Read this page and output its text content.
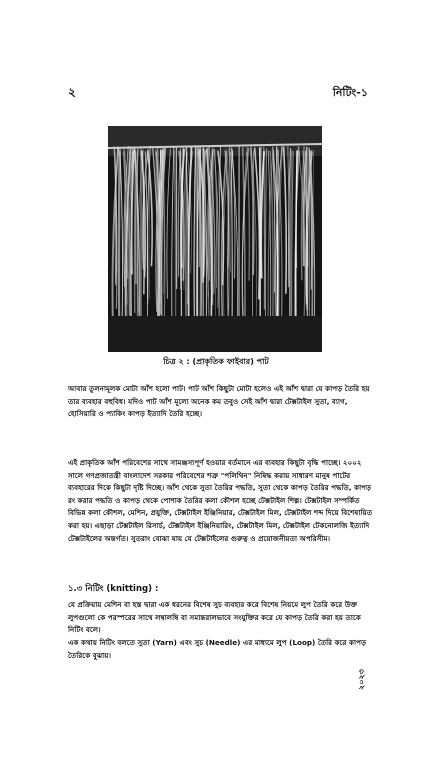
২	নিটিং-১
চিত্র ২ : (প্রাকৃতিক ফাইবার) পাট

আবার তুলনামূলক মোটা আঁশ হলো পাট। পাট আঁশ কিছুটা মোটা হলেও এই আঁশ দ্বারা যে কাপড় তৈরি হয় তার ব্যবহার বহুবিধ। যদিও পাট আঁশ মূল্যে অনেক কম তবুও সেই আঁশ দ্বারা টেক্সটাইল সুতা, ব্যাগ, হোসিয়ারি ও প্যাকিং কাপড় ইত্যাদি তৈরি হচ্ছে।

এই প্রাকৃতিক আঁশ পরিবেশের সাথে সামঞ্জস্যপূর্ণ হওয়ার বর্তমানে এর ব্যবহার কিছুটা বৃদ্ধি পাচ্ছে। ২০০২ সালে গণপ্রজাতন্ত্রী বাংলাদেশ সরকার পরিবেশের শত্রু "পলিথিন" নিষিদ্ধ করায় সাধারণ মানুষ পাটের ব্যবহারের দিকে কিছুটা দৃষ্টি দিচ্ছে। আঁশ থেকে সুতা তৈরির পদ্ধতি, সুতা থেকে কাপড় তৈরির পদ্ধতি, কাপড় রং করার পদ্ধতি ও কাপড় থেকে পোশাক তৈরির কলা কৌশল হচ্ছে টেক্সটাইল শিল্প। টেক্সটাইল সম্পর্কিত বিভিন্ন কলা কৌশল, মেশিন, প্রযুক্তি, টেক্সটাইল ইঞ্জিনিয়ার, টেক্সটাইল মিল, টেক্সটাইল শব্দ দিয়ে বিশেষায়িত করা হয়। এছাড়া টেক্সটাইল রিসার্চ, টেক্সটাইল ইঞ্জিনিয়ারিং, টেক্সটাইল মিল, টেক্সটাইল টেকনোলজি ইত্যাদি টেক্সটাইলের অন্তর্গত। সুতরাং বোঝা যায় যে টেক্সটাইলের গুরুত্ব ও প্রয়োজনীয়তা অপরিসীম।

১.৩ নিটিং (knitting) :

যে প্রক্রিয়ায় মেশিন বা হস্ত দ্বারা এক ধরনের বিশেষ সুচ ব্যবহার করে বিশেষ নিয়মে লুপ তৈরি করে উক্ত লুপগুলো কে পরস্পরের সাথে লম্বালম্বি বা সমান্তরালভাবে সংযুক্তির করে যে কাপড় তৈরি করা হয় তাকে নিটিং বলে।

এক কথায় নিটিং বলতে সুতা (Yarn) এবং সুচ (Needle) এর মাধ্যমে লুপ (Loop) তৈরি করে কাপড় তৈরিকে বুঝায়।

২০২৩
